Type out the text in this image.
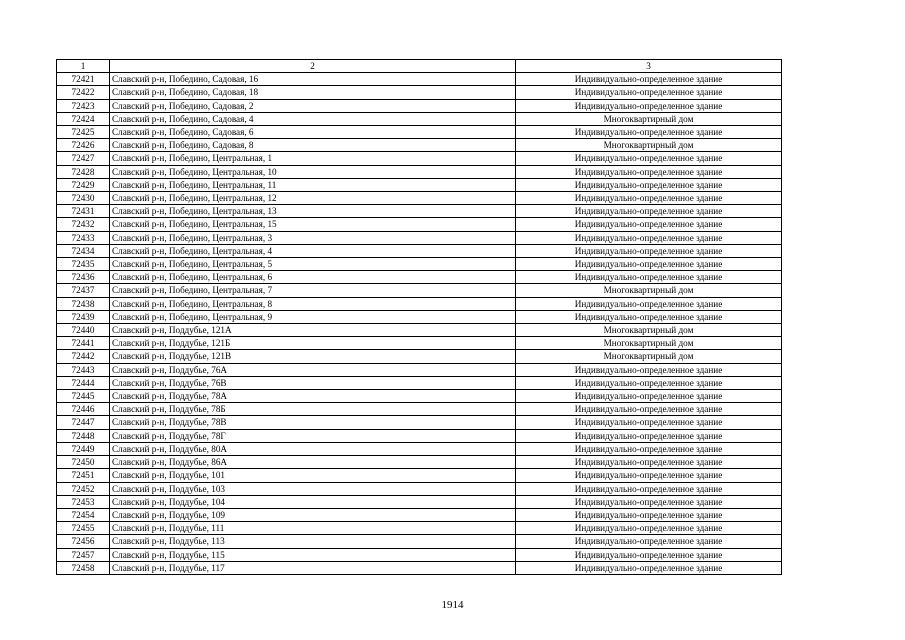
1	2	3
72421	Славский р-н, Победино, Садовая, 16	Индивидуально-определенное здание
72422	Славский р-н, Победино, Садовая, 18	Индивидуально-определенное здание
72423	Славский р-н, Победино, Садовая, 2	Индивидуально-определенное здание
72424	Славский р-н, Победино, Садовая, 4	Многоквартирный дом
72425	Славский р-н, Победино, Садовая, 6	Индивидуально-определенное здание
72426	Славский р-н, Победино, Садовая, 8	Многоквартирный дом
72427	Славский р-н, Победино, Центральная, 1	Индивидуально-определенное здание
72428	Славский р-н, Победино, Центральная, 10	Индивидуально-определенное здание
72429	Славский р-н, Победино, Центральная, 11	Индивидуально-определенное здание
72430	Славский р-н, Победино, Центральная, 12	Индивидуально-определенное здание
72431	Славский р-н, Победино, Центральная, 13	Индивидуально-определенное здание
72432	Славский р-н, Победино, Центральная, 15	Индивидуально-определенное здание
72433	Славский р-н, Победино, Центральная, 3	Индивидуально-определенное здание
72434	Славский р-н, Победино, Центральная, 4	Индивидуально-определенное здание
72435	Славский р-н, Победино, Центральная, 5	Индивидуально-определенное здание
72436	Славский р-н, Победино, Центральная, 6	Индивидуально-определенное здание
72437	Славский р-н, Победино, Центральная, 7	Многоквартирный дом
72438	Славский р-н, Победино, Центральная, 8	Индивидуально-определенное здание
72439	Славский р-н, Победино, Центральная, 9	Индивидуально-определенное здание
72440	Славский р-н, Поддубье, 121А	Многоквартирный дом
72441	Славский р-н, Поддубье, 121Б	Многоквартирный дом
72442	Славский р-н, Поддубье, 121В	Многоквартирный дом
72443	Славский р-н, Поддубье, 76А	Индивидуально-определенное здание
72444	Славский р-н, Поддубье, 76В	Индивидуально-определенное здание
72445	Славский р-н, Поддубье, 78А	Индивидуально-определенное здание
72446	Славский р-н, Поддубье, 78Б	Индивидуально-определенное здание
72447	Славский р-н, Поддубье, 78В	Индивидуально-определенное здание
72448	Славский р-н, Поддубье, 78Г	Индивидуально-определенное здание
72449	Славский р-н, Поддубье, 80А	Индивидуально-определенное здание
72450	Славский р-н, Поддубье, 86А	Индивидуально-определенное здание
72451	Славский р-н, Поддубье, 101	Индивидуально-определенное здание
72452	Славский р-н, Поддубье, 103	Индивидуально-определенное здание
72453	Славский р-н, Поддубье, 104	Индивидуально-определенное здание
72454	Славский р-н, Поддубье, 109	Индивидуально-определенное здание
72455	Славский р-н, Поддубье, 111	Индивидуально-определенное здание
72456	Славский р-н, Поддубье, 113	Индивидуально-определенное здание
72457	Славский р-н, Поддубье, 115	Индивидуально-определенное здание
72458	Славский р-н, Поддубье, 117	Индивидуально-определенное здание
1914
